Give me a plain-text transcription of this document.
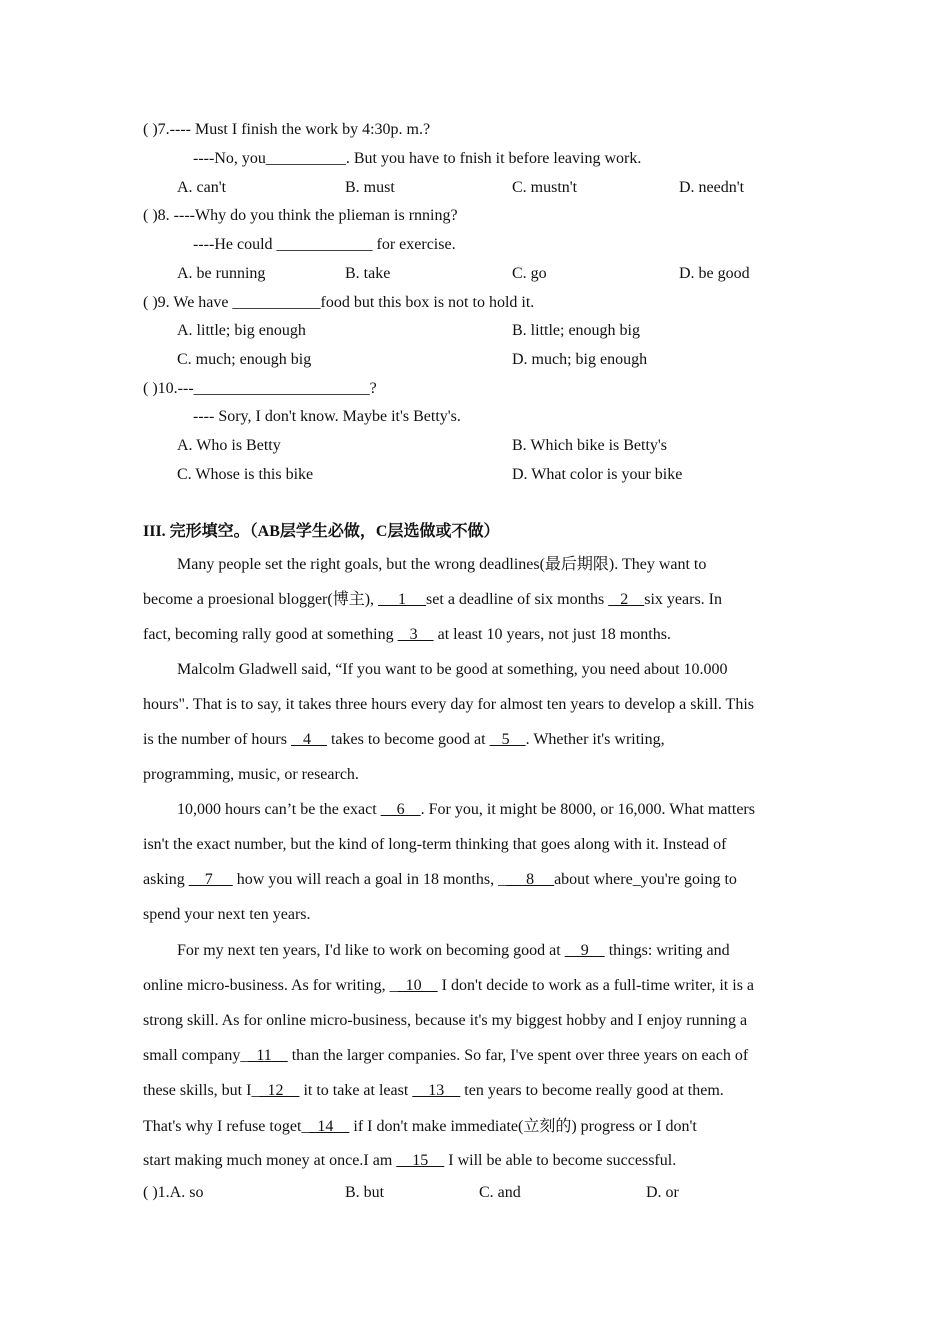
( )7.---- Must I finish the work by 4:30p. m.?
----No, you__________. But you have to fnish it before leaving work.
A. can't	B. must	C. mustn't	D. needn't
( )8. ----Why do you think the plieman is rnning?
----He could ____________ for exercise.
A. be running	B. take	C. go	D. be good
( )9. We have ___________food but this box is not to hold it.
A. little; big enough	B. little; enough big
C. much; enough big	D. much; big enough
( )10.---______________________?
---- Sory, I don't know. Maybe it's Betty's.
A. Who is Betty	B. Which bike is Betty's
C. Whose is this bike	D. What color is your bike
III. 完形填空。（AB层学生必做，C层选做或不做）
Many people set the right goals, but the wrong deadlines(最后期限). They want to
become a proesional blogger(博主),      1     set a deadline of six months    2    six years. In
fact, becoming rally good at something    3     at least 10 years, not just 18 months.
Malcolm Gladwell said, “If you want to be good at something, you need about 10.000
hours". That is to say, it takes three hours every day for almost ten years to develop a skill. This
is the number of hours    4     takes to become good at    5    . Whether it's writing,
programming, music, or research.
10,000 hours can’t be the exact     6    . For you, it might be 8000, or 16,000. What matters
isn't the exact number, but the kind of long-term thinking that goes along with it. Instead of
asking     7      how you will reach a goal in 18 months, _     8     about where_you're going to
spend your next ten years.
For my next ten years, I'd like to work on becoming good at     9     things: writing and
online micro-business. As for writing, _  10     I don't decide to work as a full-time writer, it is a
strong skill. As for online micro-business, because it's my biggest hobby and I enjoy running a
small company_  11     than the larger companies. So far, I've spent over three years on each of
these skills, but I_  12     it to take at least     13     ten years to become really good at them.
That's why I refuse toget_  14     if I don't make immediate(立刻的) progress or I don't
start making much money at once.I am     15     I will be able to become successful.
( )1.A. so	B. but	C. and	D. or
